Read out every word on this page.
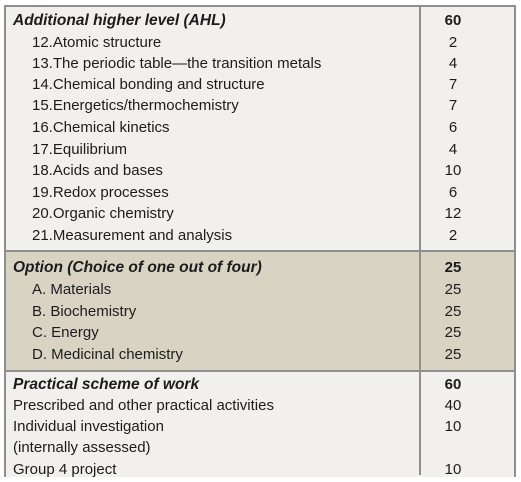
Additional higher level (AHL)	60
12.Atomic structure	2
13.The periodic table—the transition metals	4
14.Chemical bonding and structure	7
15.Energetics/thermochemistry	7
16.Chemical kinetics	6
17.Equilibrium	4
18.Acids and bases	10
19.Redox processes	6
20.Organic chemistry	12
21.Measurement and analysis	2
Option (Choice of one out of four)	25
A. Materials	25
B. Biochemistry	25
C. Energy	25
D. Medicinal chemistry	25
Practical scheme of work	60
Prescribed and other practical activities	40
Individual investigation	10
(internally assessed)
Group 4 project	10
